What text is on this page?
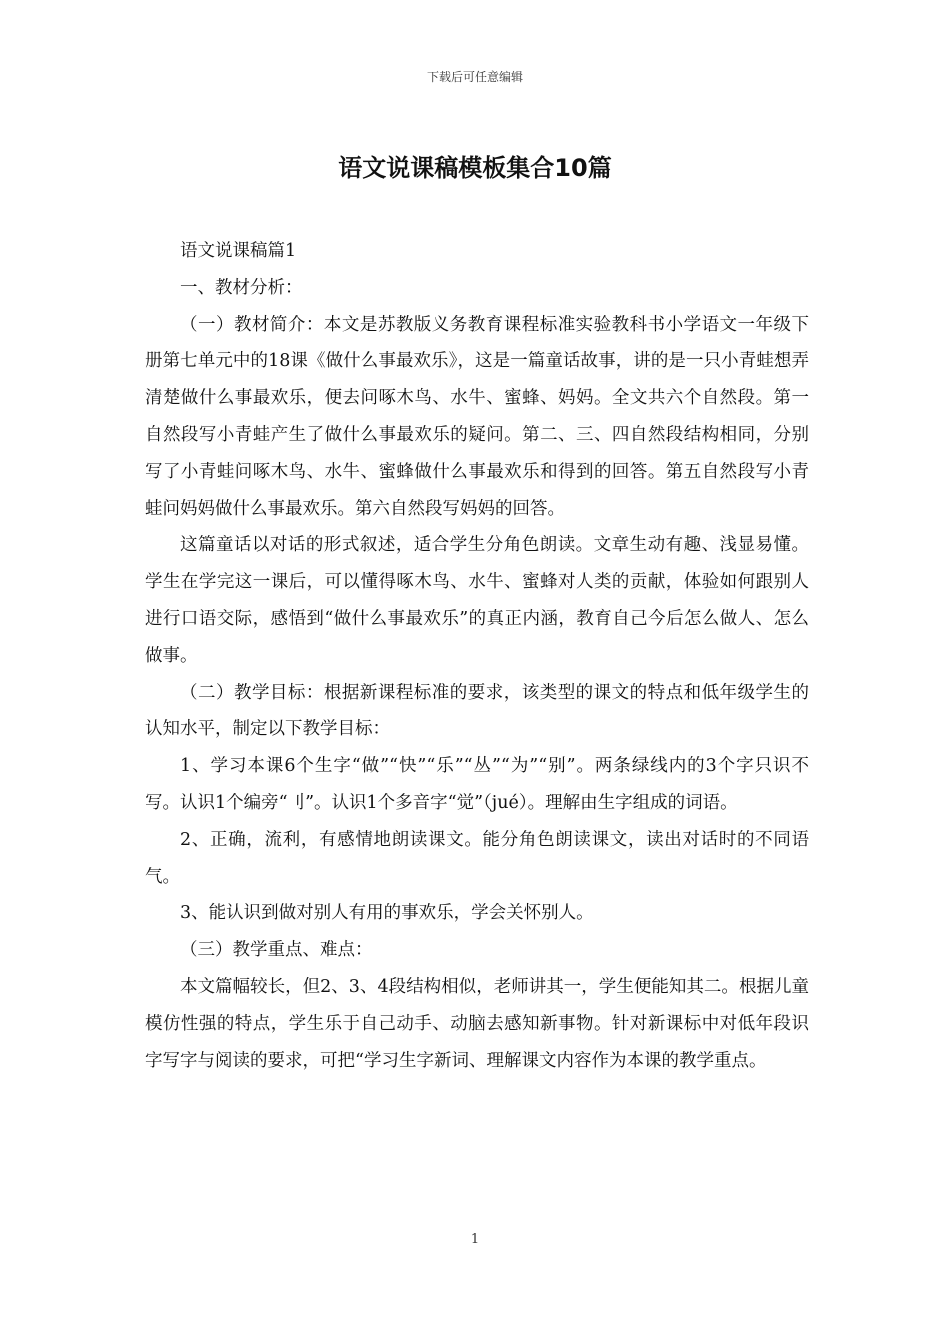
下载后可任意编辑
语文说课稿模板集合10篇

语文说课稿篇1

一、教材分析：

（一）教材简介：本文是苏教版义务教育课程标准实验教科书小学语文一年级下册第七单元中的18课《做什么事最欢乐》，这是一篇童话故事，讲的是一只小青蛙想弄清楚做什么事最欢乐，便去问啄木鸟、水牛、蜜蜂、妈妈。全文共六个自然段。第一自然段写小青蛙产生了做什么事最欢乐的疑问。第二、三、四自然段结构相同，分别写了小青蛙问啄木鸟、水牛、蜜蜂做什么事最欢乐和得到的回答。第五自然段写小青蛙问妈妈做什么事最欢乐。第六自然段写妈妈的回答。

这篇童话以对话的形式叙述，适合学生分角色朗读。文章生动有趣、浅显易懂。学生在学完这一课后，可以懂得啄木鸟、水牛、蜜蜂对人类的贡献，体验如何跟别人进行口语交际，感悟到“做什么事最欢乐”的真正内涵，教育自己今后怎么做人、怎么做事。

（二）教学目标：根据新课程标准的要求，该类型的课文的特点和低年级学生的认知水平，制定以下教学目标：

1、学习本课6个生字“做”“快”“乐”“丛”“为”“别”。两条绿线内的3个字只识不写。认识1个编旁“刂”。认识1个多音字“觉”（jué）。理解由生字组成的词语。

2、正确，流利，有感情地朗读课文。能分角色朗读课文，读出对话时的不同语气。

3、能认识到做对别人有用的事欢乐，学会关怀别人。

（三）教学重点、难点：

本文篇幅较长，但2、3、4段结构相似，老师讲其一，学生便能知其二。根据儿童模仿性强的特点，学生乐于自己动手、动脑去感知新事物。针对新课标中对低年段识字写字与阅读的要求，可把“学习生字新词、理解课文内容作为本课的教学重点。

1
